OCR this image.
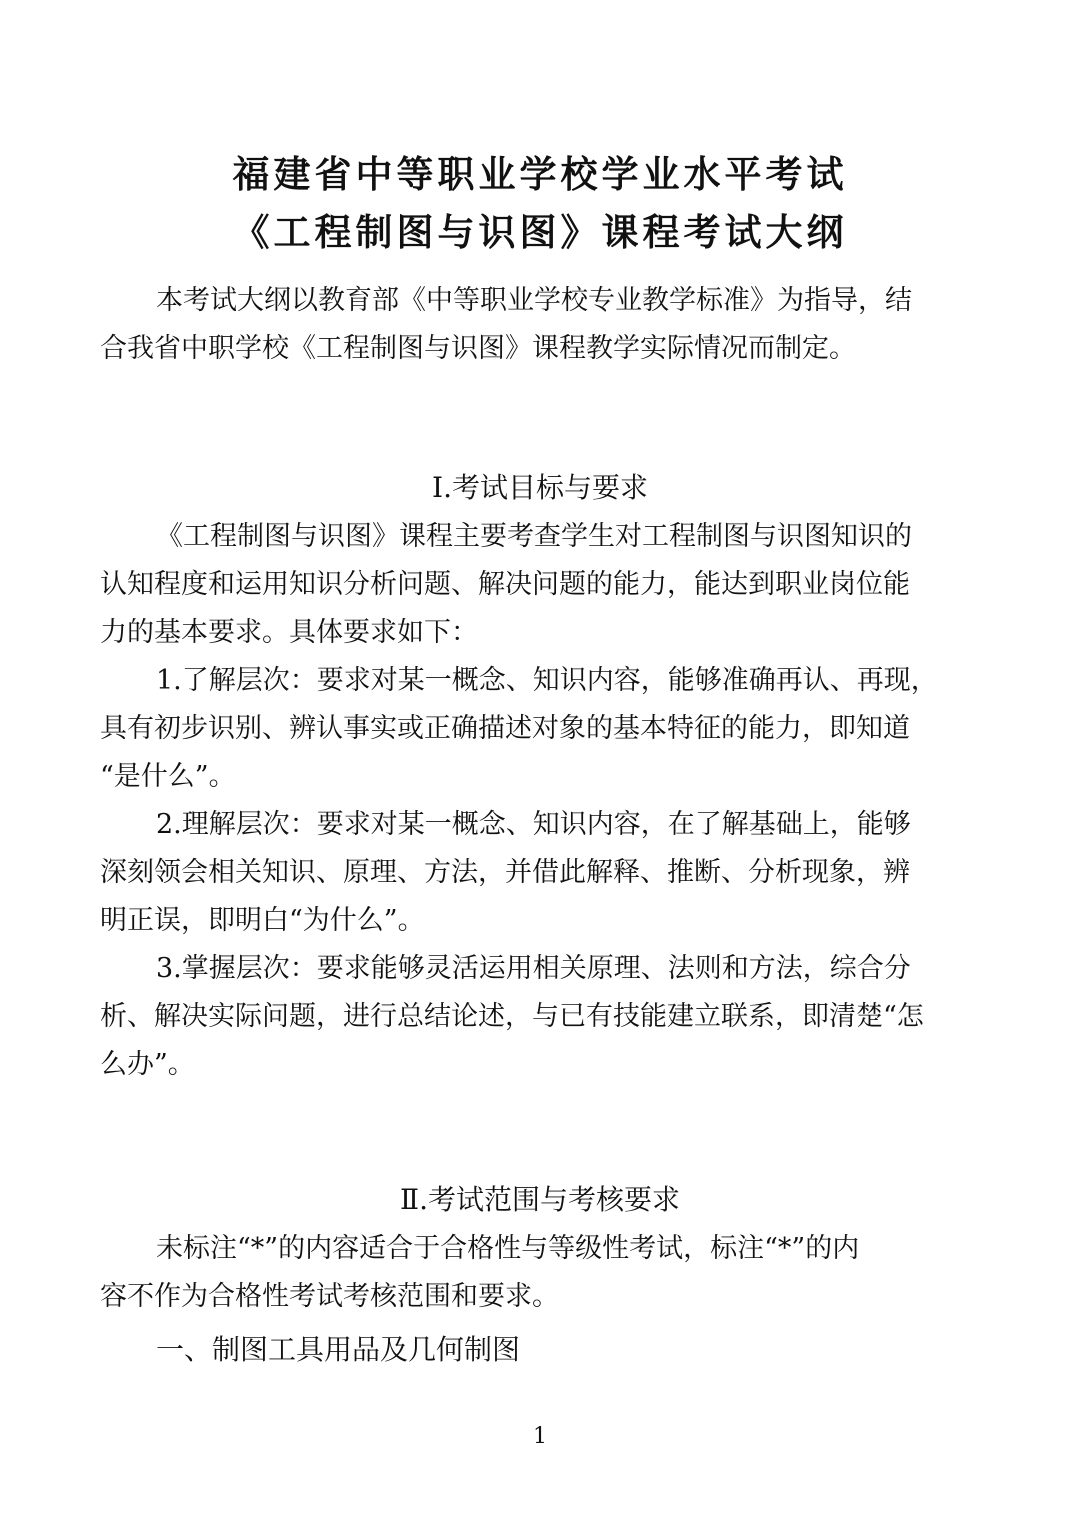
福建省中等职业学校学业水平考试
《工程制图与识图》课程考试大纲
本考试大纲以教育部《中等职业学校专业教学标准》为指导，结
合我省中职学校《工程制图与识图》课程教学实际情况而制定。
Ⅰ.考试目标与要求
《工程制图与识图》课程主要考查学生对工程制图与识图知识的
认知程度和运用知识分析问题、解决问题的能力，能达到职业岗位能
力的基本要求。具体要求如下：
1.了解层次：要求对某一概念、知识内容，能够准确再认、再现，
具有初步识别、辨认事实或正确描述对象的基本特征的能力，即知道
“是什么”。
2.理解层次：要求对某一概念、知识内容，在了解基础上，能够
深刻领会相关知识、原理、方法，并借此解释、推断、分析现象，辨
明正误，即明白“为什么”。
3.掌握层次：要求能够灵活运用相关原理、法则和方法，综合分
析、解决实际问题，进行总结论述，与已有技能建立联系，即清楚“怎
么办”。
Ⅱ.考试范围与考核要求
未标注“*”的内容适合于合格性与等级性考试，标注“*”的内
容不作为合格性考试考核范围和要求。
一、制图工具用品及几何制图
1
